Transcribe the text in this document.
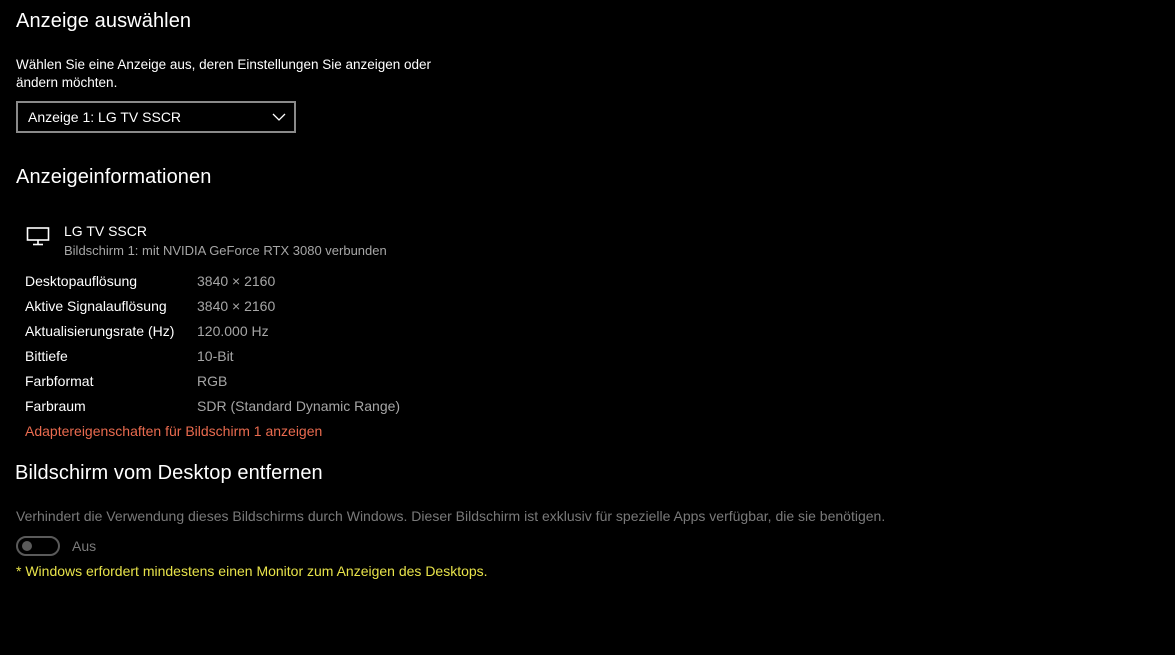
Anzeige auswählen
Wählen Sie eine Anzeige aus, deren Einstellungen Sie anzeigen oder ändern möchten.
Anzeige 1: LG TV SSCR
Anzeigeinformationen
LG TV SSCR
Bildschirm 1: mit NVIDIA GeForce RTX 3080 verbunden
Desktopauflösung	3840 × 2160
Aktive Signalauflösung 3840 × 2160
Aktualisierungsrate (Hz) 120.000 Hz
Bittiefe	10-Bit
Farbformat	RGB
Farbraum	SDR (Standard Dynamic Range)
Adaptereigenschaften für Bildschirm 1 anzeigen
Bildschirm vom Desktop entfernen
Verhindert die Verwendung dieses Bildschirms durch Windows. Dieser Bildschirm ist exklusiv für spezielle Apps verfügbar, die sie benötigen.
Aus
* Windows erfordert mindestens einen Monitor zum Anzeigen des Desktops.
